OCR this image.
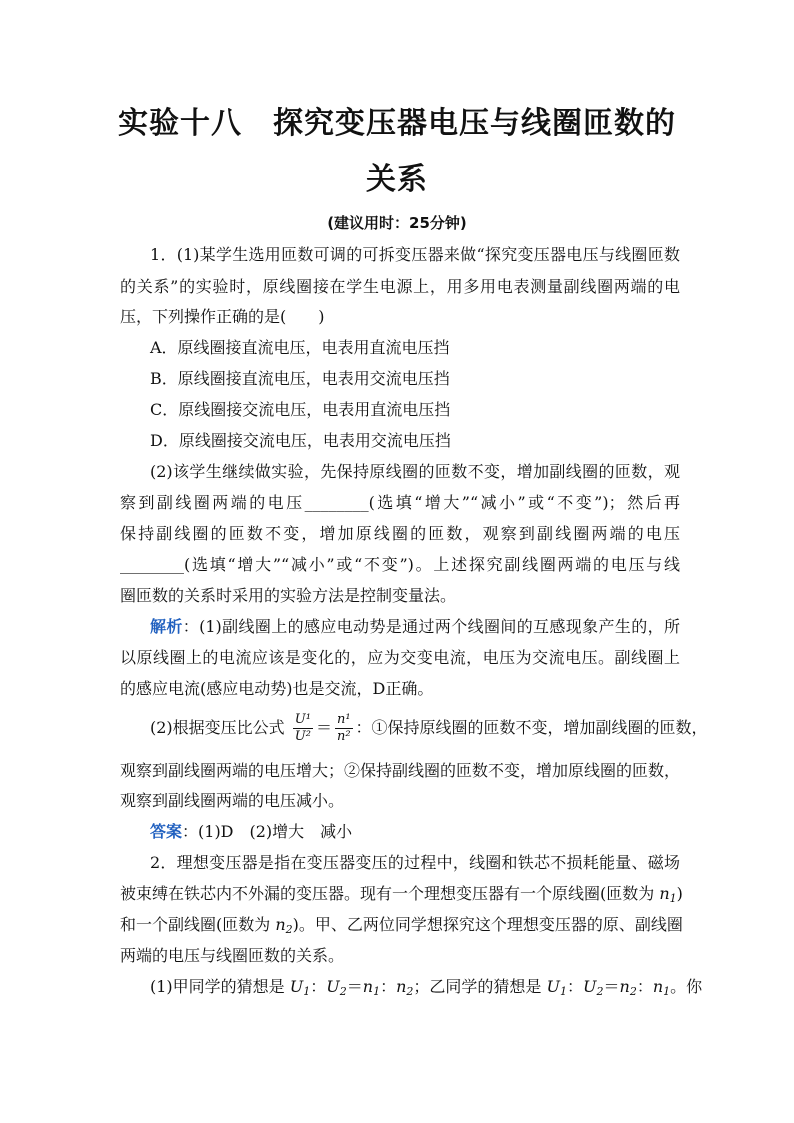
实验十八　探究变压器电压与线圈匝数的
关系
(建议用时：25分钟)
1．(1)某学生选用匝数可调的可拆变压器来做“探究变压器电压与线圈匝数
的关系”的实验时，原线圈接在学生电源上，用多用电表测量副线圈两端的电
压，下列操作正确的是(　　)
A．原线圈接直流电压，电表用直流电压挡
B．原线圈接直流电压，电表用交流电压挡
C．原线圈接交流电压，电表用直流电压挡
D．原线圈接交流电压，电表用交流电压挡
(2)该学生继续做实验，先保持原线圈的匝数不变，增加副线圈的匝数，观
察到副线圈两端的电压________(选填“增大”“减小”或“不变”)；然后再
保持副线圈的匝数不变，增加原线圈的匝数，观察到副线圈两端的电压
________(选填“增大”“减小”或“不变”)。上述探究副线圈两端的电压与线
圈匝数的关系时采用的实验方法是控制变量法。
解析：(1)副线圈上的感应电动势是通过两个线圈间的互感现象产生的，所
以原线圈上的电流应该是变化的，应为交变电流，电压为交流电压。副线圈上
的感应电流(感应电动势)也是交流，D正确。
(2)根据变压比公式 $\frac{\text{U¹}}{\text{U²}} = \frac{\text{n¹}}{\text{n²}}$ ：①保持原线圈的匝数不变，增加副线圈的匝数，
观察到副线圈两端的电压增大；②保持副线圈的匝数不变，增加原线圈的匝数，
观察到副线圈两端的电压减小。
答案：(1)D　(2)增大　减小
2．理想变压器是指在变压器变压的过程中，线圈和铁芯不损耗能量、磁场
被束缚在铁芯内不外漏的变压器。现有一个理想变压器有一个原线圈(匝数为 $n_1$)
和一个副线圈(匝数为 $n_2$)。甲、乙两位同学想探究这个理想变压器的原、副线圈
两端的电压与线圈匝数的关系。
(1)甲同学的猜想是 $U_1$：$U_2=n_1$：$n_2$；乙同学的猜想是 $U_1$：$U_2=n_2$：$n_1$。你
